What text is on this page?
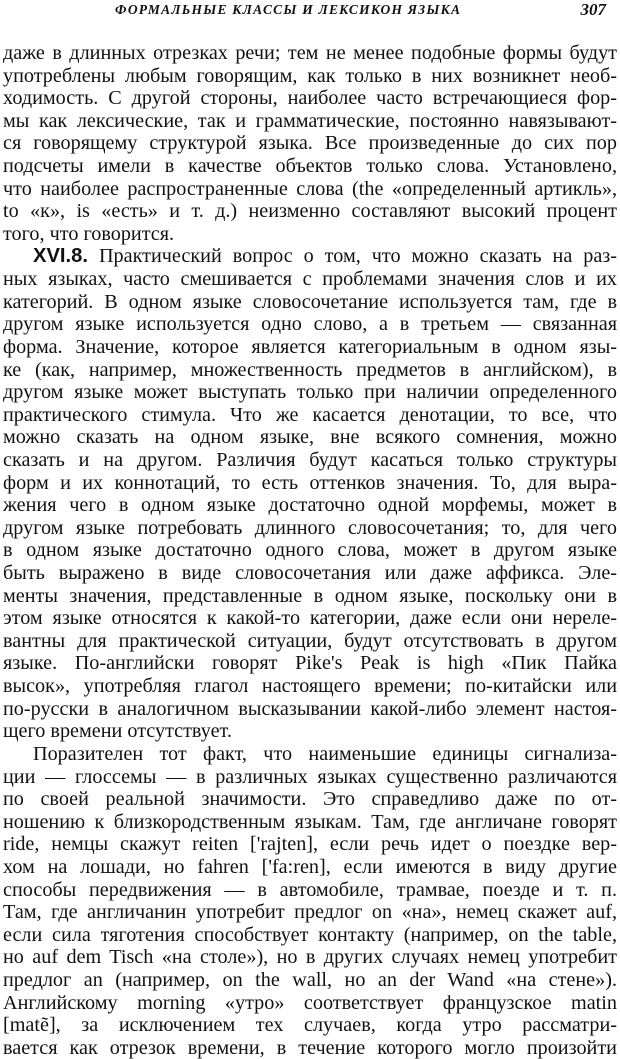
ФОРМАЛЬНЫЕ КЛАССЫ И ЛЕКСИКОН ЯЗЫКА	307
даже в длинных отрезках речи; тем не менее подобные формы будут
употреблены любым говорящим, как только в них возникнет необ-
ходимость. С другой стороны, наиболее часто встречающиеся фор-
мы как лексические, так и грамматические, постоянно навязывают-
ся говорящему структурой языка. Все произведенные до сих пор
подсчеты имели в качестве объектов только слова. Установлено,
что наиболее распространенные слова (the «определенный артикль»,
to «к», is «есть» и т. д.) неизменно составляют высокий процент
того, что говорится.
XVI.8. Практический вопрос о том, что можно сказать на раз-
ных языках, часто смешивается с проблемами значения слов и их
категорий. В одном языке словосочетание используется там, где в
другом языке используется одно слово, а в третьем — связанная
форма. Значение, которое является категориальным в одном язы-
ке (как, например, множественность предметов в английском), в
другом языке может выступать только при наличии определенного
практического стимула. Что же касается денотации, то все, что
можно сказать на одном языке, вне всякого сомнения, можно
сказать и на другом. Различия будут касаться только структуры
форм и их коннотаций, то есть оттенков значения. То, для выра-
жения чего в одном языке достаточно одной морфемы, может в
другом языке потребовать длинного словосочетания; то, для чего
в одном языке достаточно одного слова, может в другом языке
быть выражено в виде словосочетания или даже аффикса. Эле-
менты значения, представленные в одном языке, поскольку они в
этом языке относятся к какой-то категории, даже если они нереле-
вантны для практической ситуации, будут отсутствовать в другом
языке. По-английски говорят Pike's Peak is high «Пик Пайка
высок», употребляя глагол настоящего времени; по-китайски или
по-русски в аналогичном высказывании какой-либо элемент настоя-
щего времени отсутствует.
Поразителен тот факт, что наименьшие единицы сигнализа-
ции — глоссемы — в различных языках существенно различаются
по своей реальной значимости. Это справедливо даже по от-
ношению к близкородственным языкам. Там, где англичане говорят
ride, немцы скажут reiten ['rajten], если речь идет о поездке вер-
хом на лошади, но fahren ['fa:ren], если имеются в виду другие
способы передвижения — в автомобиле, трамвае, поезде и т. п.
Там, где англичанин употребит предлог on «на», немец скажет auf,
если сила тяготения способствует контакту (например, on the table,
но auf dem Tisch «на столе»), но в других случаях немец употребит
предлог an (например, on the wall, но an der Wand «на стене»).
Английскому morning «утро» соответствует французское matin
[matẽ], за исключением тех случаев, когда утро рассматри-
вается как отрезок времени, в течение которого могло произойти
